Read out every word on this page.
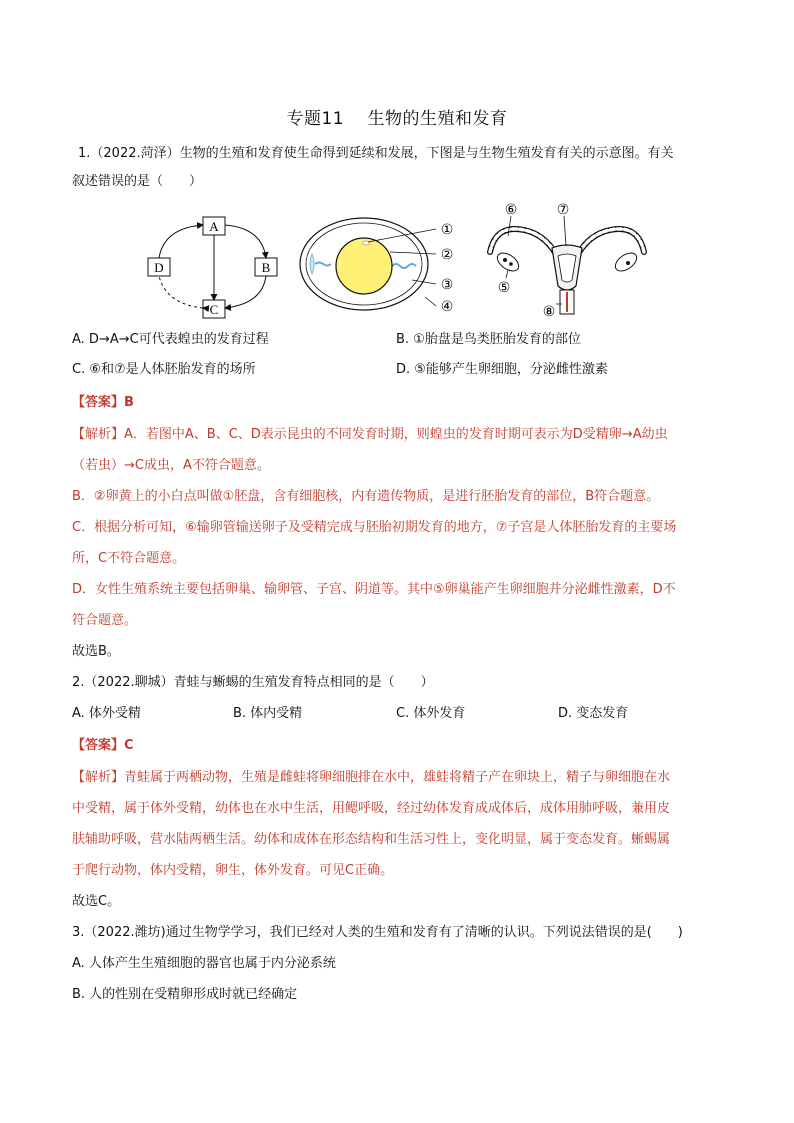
专题11　 生物的生殖和发育
1.（2022.菏泽）生物的生殖和发育使生命得到延续和发展，下图是与生物生殖发育有关的示意图。有关
叙述错误的是（　　）
A
B
C
D
①
②
③
④
⑥	⑦
⑤
⑧
A. D→A→C可代表蝗虫的发育过程	B. ①胎盘是鸟类胚胎发育的部位
C. ⑥和⑦是人体胚胎发育的场所	D. ⑤能够产生卵细胞，分泌雌性激素
【答案】B
【解析】A．若图中A、B、C、D表示昆虫的不同发育时期，则蝗虫的发育时期可表示为D受精卵→A幼虫
（若虫）→C成虫，A不符合题意。
B．②卵黄上的小白点叫做①胚盘，含有细胞核，内有遗传物质，是进行胚胎发育的部位，B符合题意。
C．根据分析可知，⑥输卵管输送卵子及受精完成与胚胎初期发育的地方，⑦子宫是人体胚胎发育的主要场
所，C不符合题意。
D．女性生殖系统主要包括卵巢、输卵管、子宫、阴道等。其中⑤卵巢能产生卵细胞并分泌雌性激素，D不
符合题意。
故选B。
2.（2022.聊城）青蛙与蜥蜴的生殖发育特点相同的是（　　）
A. 体外受精	B. 体内受精	C. 体外发育	D. 变态发育
【答案】C
【解析】青蛙属于两栖动物，生殖是雌蛙将卵细胞排在水中，雄蛙将精子产在卵块上，精子与卵细胞在水
中受精，属于体外受精，幼体也在水中生活，用鳃呼吸，经过幼体发育成成体后，成体用肺呼吸，兼用皮
肤辅助呼吸，营水陆两栖生活。幼体和成体在形态结构和生活习性上，变化明显，属于变态发育。蜥蜴属
于爬行动物，体内受精，卵生，体外发育。可见C正确。
故选C。
3.（2022.潍坊)通过生物学学习，我们已经对人类的生殖和发育有了清晰的认识。下列说法错误的是(　　)
A. 人体产生生殖细胞的器官也属于内分泌系统
B. 人的性别在受精卵形成时就已经确定
